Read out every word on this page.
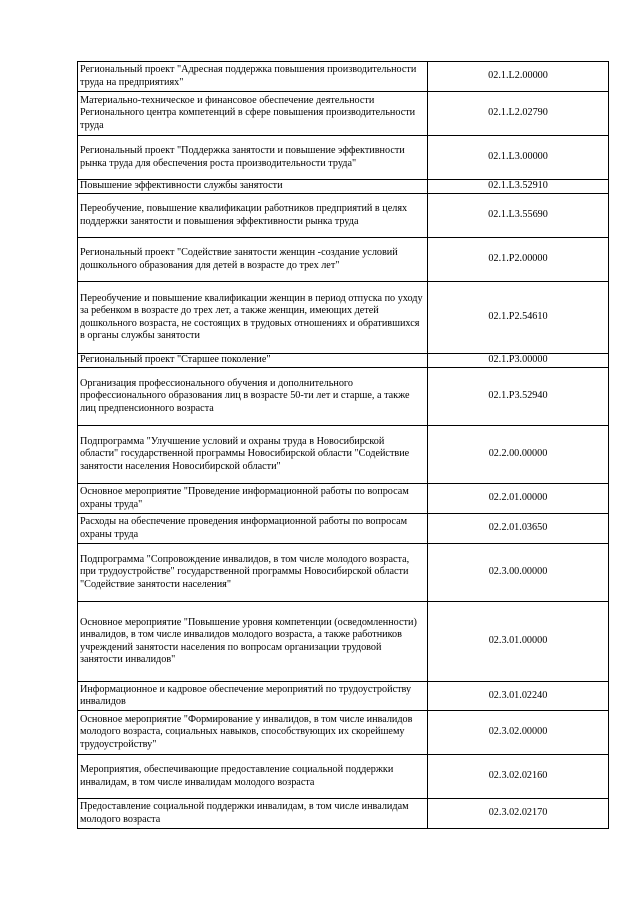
Региональный проект "Адресная поддержка повышения производительности труда на предприятиях"	02.1.L2.00000
Материально-техническое и финансовое обеспечение деятельности Регионального центра компетенций в сфере повышения производительности труда	02.1.L2.02790
Региональный проект "Поддержка занятости и повышение эффективности рынка труда для обеспечения роста производительности труда"	02.1.L3.00000
Повышение эффективности службы занятости	02.1.L3.52910
Переобучение, повышение квалификации работников предприятий в целях поддержки занятости и повышения эффективности рынка труда	02.1.L3.55690
Региональный проект "Содействие занятости женщин -создание условий дошкольного образования для детей в возрасте до трех лет"	02.1.P2.00000
Переобучение и повышение квалификации женщин в период отпуска по уходу за ребенком в возрасте до трех лет, а также женщин, имеющих детей дошкольного возраста, не состоящих в трудовых отношениях и обратившихся в органы службы занятости	02.1.P2.54610
Региональный проект "Старшее поколение"	02.1.P3.00000
Организация профессионального обучения и дополнительного профессионального образования лиц в возрасте 50-ти лет и старше, а также лиц предпенсионного возраста	02.1.P3.52940
Подпрограмма "Улучшение условий и охраны труда в Новосибирской области" государственной программы Новосибирской области "Содействие занятости населения Новосибирской области"	02.2.00.00000
Основное мероприятие "Проведение информационной работы по вопросам охраны труда"	02.2.01.00000
Расходы на обеспечение проведения информационной работы по вопросам охраны труда	02.2.01.03650
Подпрограмма "Сопровождение инвалидов, в том числе молодого возраста, при трудоустройстве" государственной программы Новосибирской области "Содействие занятости населения"	02.3.00.00000
Основное мероприятие "Повышение уровня компетенции (осведомленности) инвалидов, в том числе инвалидов молодого возраста, а также работников учреждений занятости населения по вопросам организации трудовой занятости инвалидов"	02.3.01.00000
Информационное и кадровое обеспечение мероприятий по трудоустройству инвалидов	02.3.01.02240
Основное мероприятие "Формирование у инвалидов, в том числе инвалидов молодого возраста, социальных навыков, способствующих их скорейшему трудоустройству"	02.3.02.00000
Мероприятия, обеспечивающие предоставление социальной поддержки инвалидам, в том числе инвалидам молодого возраста	02.3.02.02160
Предоставление социальной поддержки инвалидам, в том числе инвалидам молодого возраста	02.3.02.02170
